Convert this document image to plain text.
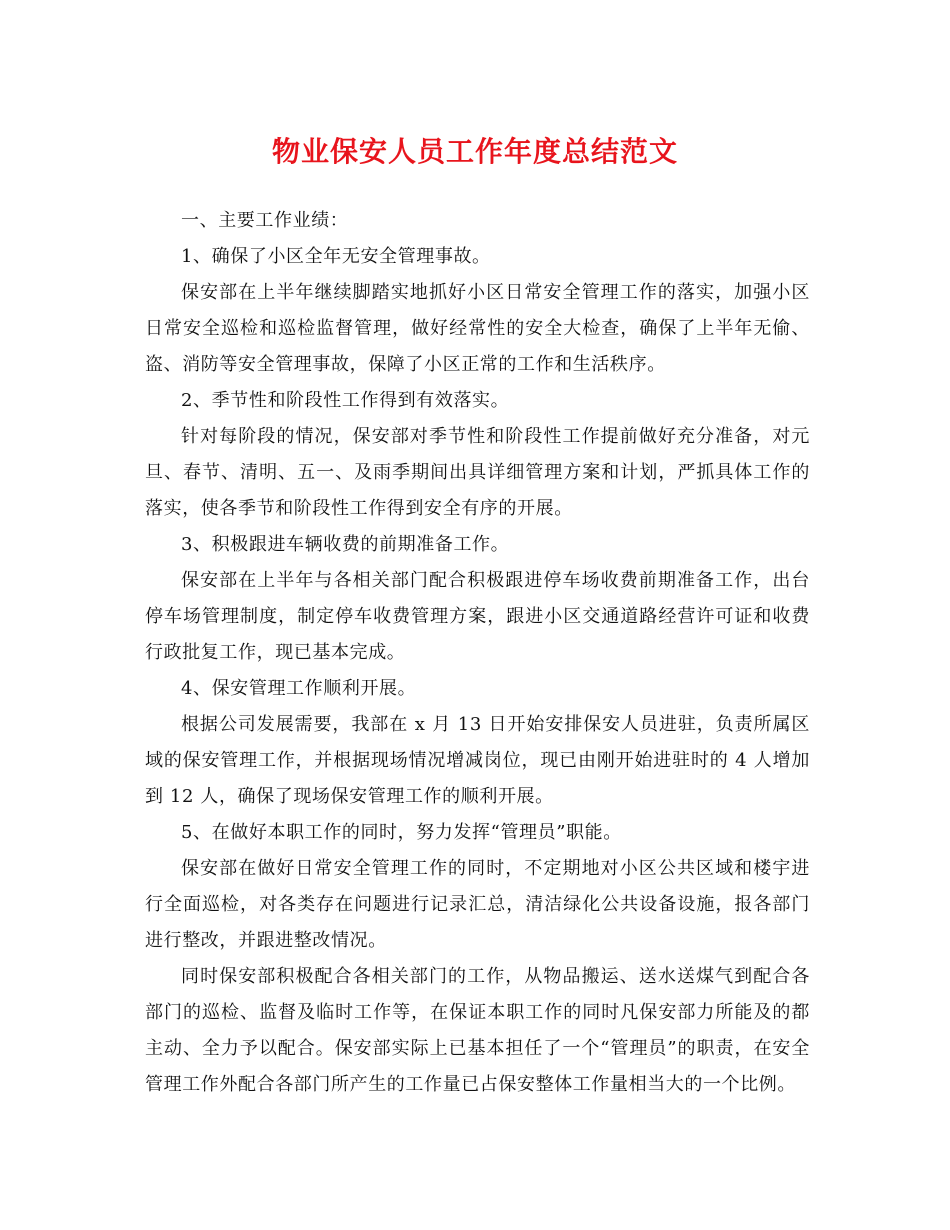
物业保安人员工作年度总结范文

一、主要工作业绩：

1、确保了小区全年无安全管理事故。

保安部在上半年继续脚踏实地抓好小区日常安全管理工作的落实，加强小区日常安全巡检和巡检监督管理，做好经常性的安全大检查，确保了上半年无偷、盗、消防等安全管理事故，保障了小区正常的工作和生活秩序。

2、季节性和阶段性工作得到有效落实。

针对每阶段的情况，保安部对季节性和阶段性工作提前做好充分准备，对元旦、春节、清明、五一、及雨季期间出具详细管理方案和计划，严抓具体工作的落实，使各季节和阶段性工作得到安全有序的开展。

3、积极跟进车辆收费的前期准备工作。

保安部在上半年与各相关部门配合积极跟进停车场收费前期准备工作，出台停车场管理制度，制定停车收费管理方案，跟进小区交通道路经营许可证和收费行政批复工作，现已基本完成。

4、保安管理工作顺利开展。

根据公司发展需要，我部在 x 月 13 日开始安排保安人员进驻，负责所属区域的保安管理工作，并根据现场情况增减岗位，现已由刚开始进驻时的 4 人增加到 12 人，确保了现场保安管理工作的顺利开展。

5、在做好本职工作的同时，努力发挥“管理员”职能。

保安部在做好日常安全管理工作的同时，不定期地对小区公共区域和楼宇进行全面巡检，对各类存在问题进行记录汇总，清洁绿化公共设备设施，报各部门进行整改，并跟进整改情况。

同时保安部积极配合各相关部门的工作，从物品搬运、送水送煤气到配合各部门的巡检、监督及临时工作等，在保证本职工作的同时凡保安部力所能及的都主动、全力予以配合。保安部实际上已基本担任了一个“管理员”的职责，在安全管理工作外配合各部门所产生的工作量已占保安整体工作量相当大的一个比例。
